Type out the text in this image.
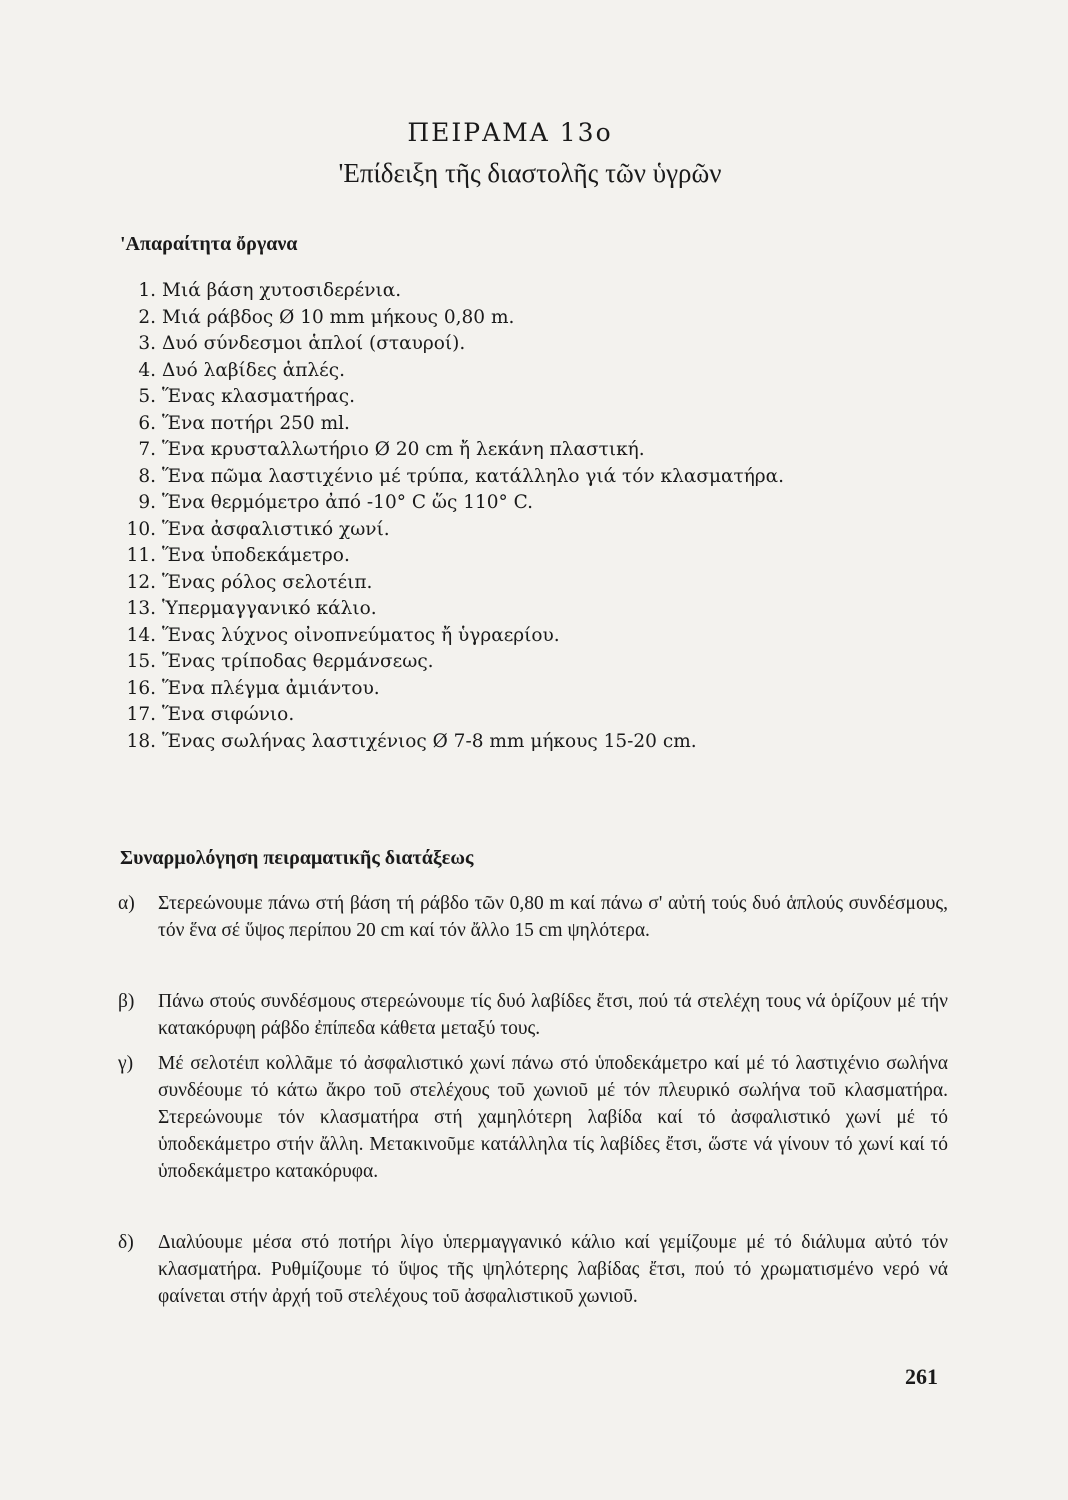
ΠΕΙΡΑΜΑ 13ο
'Επίδειξη τῆς διαστολῆς τῶν ὑγρῶν
'Απαραίτητα ὄργανα
1. Μιά βάση χυτοσιδερένια.
2. Μιά ράβδος Ø 10 mm μήκους 0,80 m.
3. Δυό σύνδεσμοι ἁπλοί (σταυροί).
4. Δυό λαβίδες ἁπλές.
5. Ἕνας κλασματήρας.
6. Ἕνα ποτήρι 250 ml.
7. Ἕνα κρυσταλλωτήριο Ø 20 cm ἤ λεκάνη πλαστική.
8. Ἕνα πῶμα λαστιχένιο μέ τρύπα, κατάλληλο γιά τόν κλασματήρα.
9. Ἕνα θερμόμετρο ἀπό -10° C ὥς 110° C.
10. Ἕνα ἀσφαλιστικό χωνί.
11. Ἕνα ὑποδεκάμετρο.
12. Ἕνας ρόλος σελοτέιπ.
13. Ὑπερμαγγανικό κάλιο.
14. Ἕνας λύχνος οἰνοπνεύματος ἤ ὑγραερίου.
15. Ἕνας τρίποδας θερμάνσεως.
16. Ἕνα πλέγμα ἀμιάντου.
17. Ἕνα σιφώνιο.
18. Ἕνας σωλήνας λαστιχένιος Ø 7-8 mm μήκους 15-20 cm.
Συναρμολόγηση πειραματικῆς διατάξεως
α)	Στερεώνουμε πάνω στή βάση τή ράβδο τῶν 0,80 m καί πάνω σ' αὐτή τούς δυό ἁπλούς συνδέσμους, τόν ἕνα σέ ὕψος περίπου 20 cm καί τόν ἄλλο 15 cm ψηλότερα.
β)	Πάνω στούς συνδέσμους στερεώνουμε τίς δυό λαβίδες ἔτσι, πού τά στελέχη τους νά ὁρίζουν μέ τήν κατακόρυφη ράβδο ἐπίπεδα κάθετα μεταξύ τους.
γ)	Μέ σελοτέιπ κολλᾶμε τό ἀσφαλιστικό χωνί πάνω στό ὑποδεκάμετρο καί μέ τό λαστιχένιο σωλήνα συνδέουμε τό κάτω ἄκρο τοῦ στελέχους τοῦ χωνιοῦ μέ τόν πλευρικό σωλήνα τοῦ κλασματήρα. Στερεώνουμε τόν κλασματήρα στή χαμηλότερη λαβίδα καί τό ἀσφαλιστικό χωνί μέ τό ὑποδεκάμετρο στήν ἄλλη. Μετακινοῦμε κατάλληλα τίς λαβίδες ἔτσι, ὥστε νά γίνουν τό χωνί καί τό ὑποδεκάμετρο κατακόρυφα.
δ)	Διαλύουμε μέσα στό ποτήρι λίγο ὑπερμαγγανικό κάλιο καί γεμίζουμε μέ τό διάλυμα αὐτό τόν κλασματήρα. Ρυθμίζουμε τό ὕψος τῆς ψηλότερης λαβίδας ἔτσι, πού τό χρωματισμένο νερό νά φαίνεται στήν ἀρχή τοῦ στελέχους τοῦ ἀσφαλιστικοῦ χωνιοῦ.
261
